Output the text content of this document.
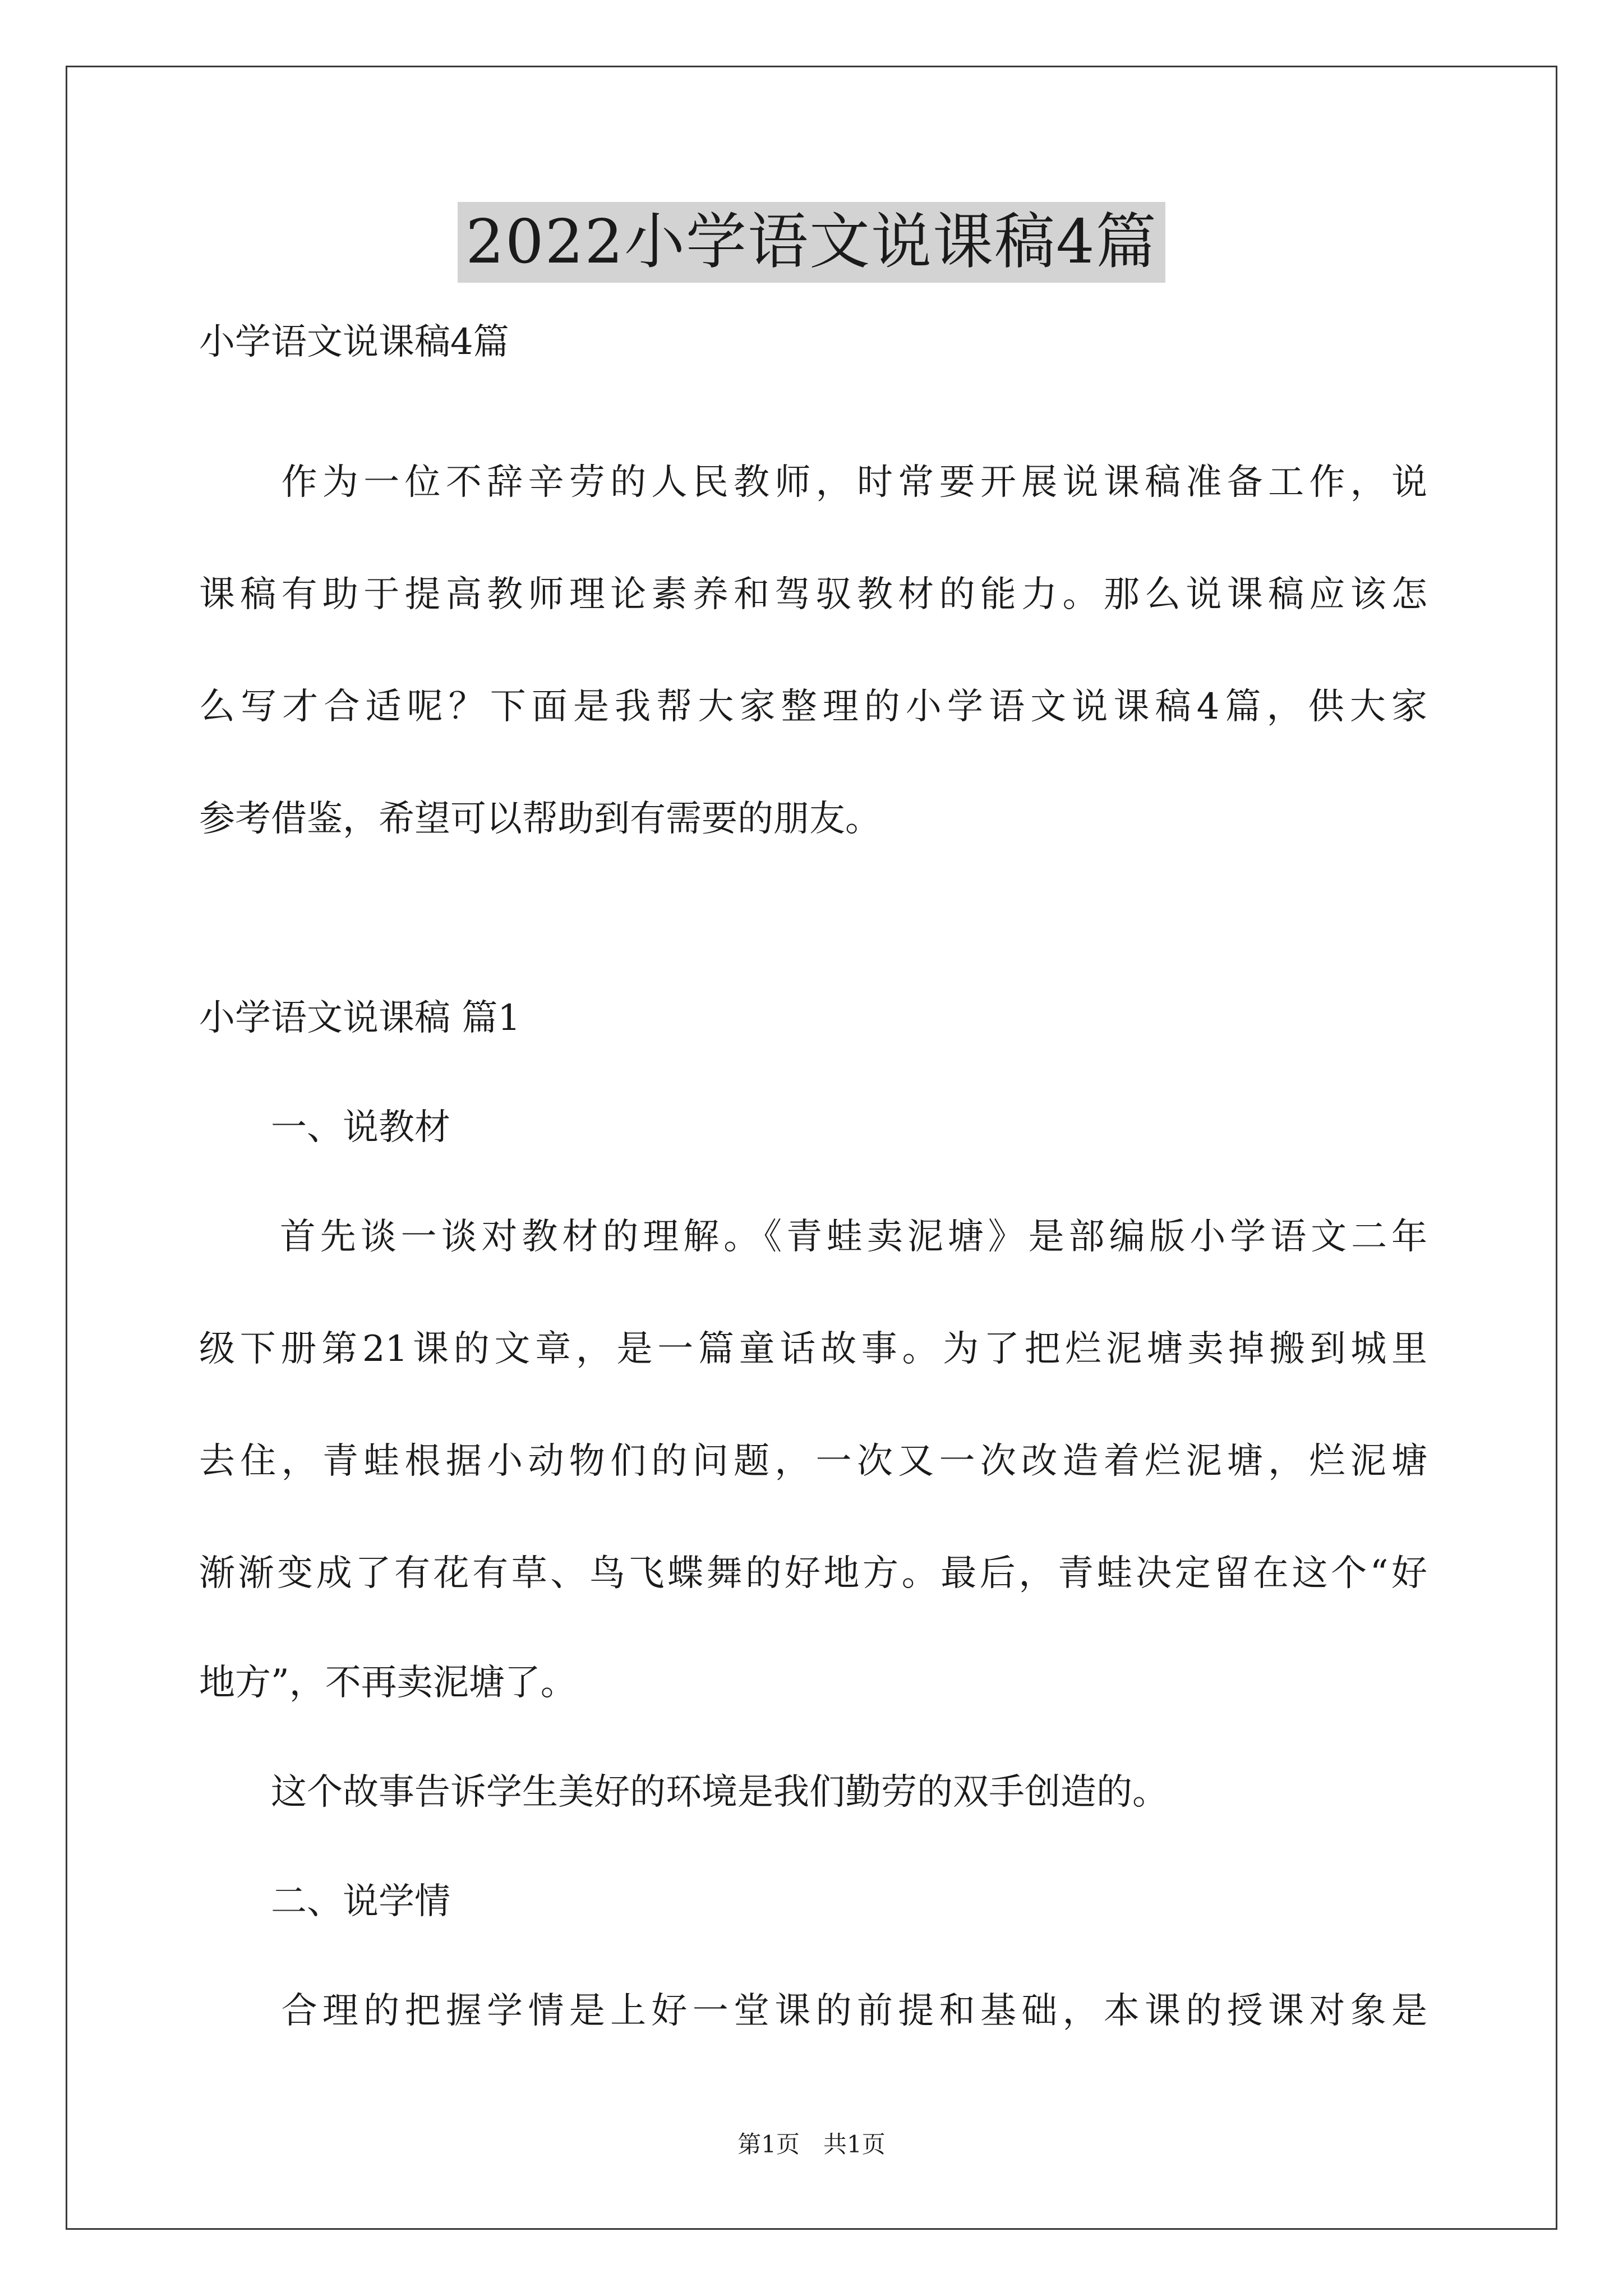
2022小学语文说课稿4篇
小学语文说课稿4篇
　　作为一位不辞辛劳的人民教师，时常要开展说课稿准备工作，说
课稿有助于提高教师理论素养和驾驭教材的能力。那么说课稿应该怎
么写才合适呢？下面是我帮大家整理的小学语文说课稿4篇，供大家
参考借鉴，希望可以帮助到有需要的朋友。
小学语文说课稿 篇1
　　一、说教材
　　首先谈一谈对教材的理解。《青蛙卖泥塘》是部编版小学语文二年
级下册第21课的文章，是一篇童话故事。为了把烂泥塘卖掉搬到城里
去住，青蛙根据小动物们的问题，一次又一次改造着烂泥塘，烂泥塘
渐渐变成了有花有草、鸟飞蝶舞的好地方。最后，青蛙决定留在这个“好
地方”，不再卖泥塘了。
　　这个故事告诉学生美好的环境是我们勤劳的双手创造的。
　　二、说学情
　　合理的把握学情是上好一堂课的前提和基础，本课的授课对象是
第1页　共1页
